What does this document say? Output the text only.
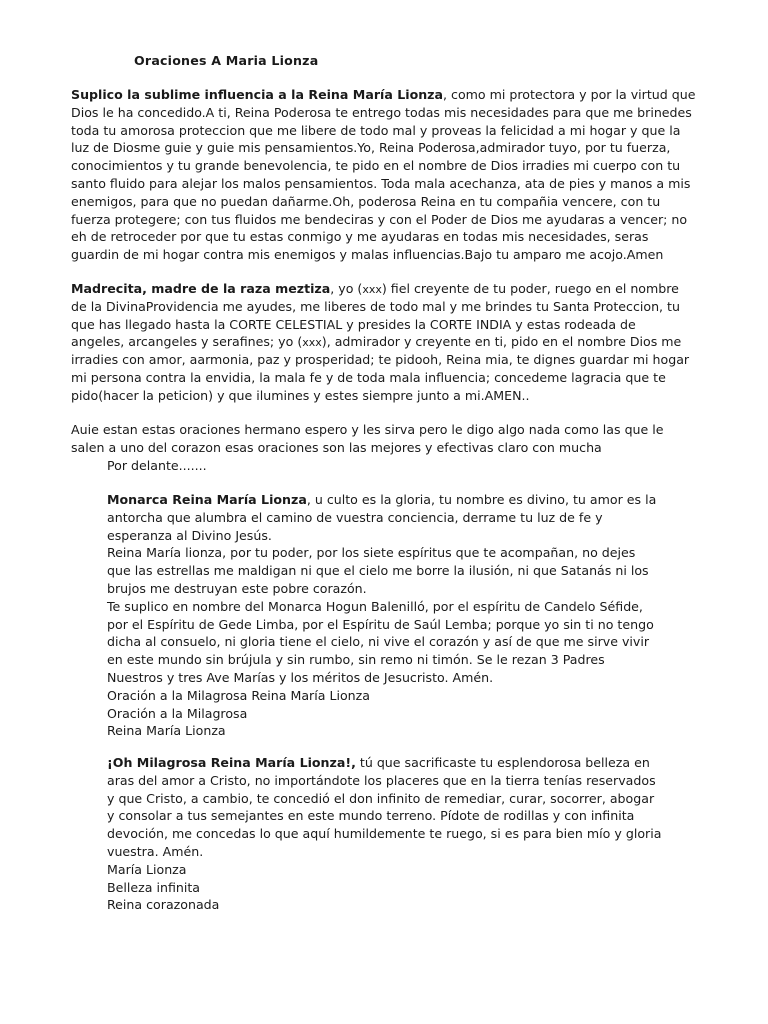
Oraciones A Maria Lionza
Suplico la sublime influencia a la Reina María Lionza, como mi protectora y por la virtud que
Dios le ha concedido.A ti, Reina Poderosa te entrego todas mis necesidades para que me brinedes
toda tu amorosa proteccion que me libere de todo mal y proveas la felicidad a mi hogar y que la
luz de Diosme guie y guie mis pensamientos.Yo, Reina Poderosa,admirador tuyo, por tu fuerza,
conocimientos y tu grande benevolencia, te pido en el nombre de Dios irradies mi cuerpo con tu
santo fluido para alejar los malos pensamientos. Toda mala acechanza, ata de pies y manos a mis
enemigos, para que no puedan dañarme.Oh, poderosa Reina en tu compañia vencere, con tu
fuerza protegere; con tus fluidos me bendeciras y con el Poder de Dios me ayudaras a vencer; no
eh de retroceder por que tu estas conmigo y me ayudaras en todas mis necesidades, seras
guardin de mi hogar contra mis enemigos y malas influencias.Bajo tu amparo me acojo.Amen
Madrecita, madre de la raza meztiza, yo (xxx) fiel creyente de tu poder, ruego en el nombre
de la DivinaProvidencia me ayudes, me liberes de todo mal y me brindes tu Santa Proteccion, tu
que has llegado hasta la CORTE CELESTIAL y presides la CORTE INDIA y estas rodeada de
angeles, arcangeles y serafines; yo (xxx), admirador y creyente en ti, pido en el nombre Dios me
irradies con amor, aarmonia, paz y prosperidad; te pidooh, Reina mia, te dignes guardar mi hogar
mi persona contra la envidia, la mala fe y de toda mala influencia; concedeme lagracia que te
pido(hacer la peticion) y que ilumines y estes siempre junto a mi.AMEN..
Auie estan estas oraciones hermano espero y les sirva pero le digo algo nada como las que le
salen a uno del corazon esas oraciones son las mejores y efectivas claro con mucha
Por delante.......
Monarca Reina María Lionza, u culto es la gloria, tu nombre es divino, tu amor es la
antorcha que alumbra el camino de vuestra conciencia, derrame tu luz de fe y
esperanza al Divino Jesús.
Reina María lionza, por tu poder, por los siete espíritus que te acompañan, no dejes
que las estrellas me maldigan ni que el cielo me borre la ilusión, ni que Satanás ni los
brujos me destruyan este pobre corazón.
Te suplico en nombre del Monarca Hogun Balenilló, por el espíritu de Candelo Séfide,
por el Espíritu de Gede Limba, por el Espíritu de Saúl Lemba; porque yo sin ti no tengo
dicha al consuelo, ni gloria tiene el cielo, ni vive el corazón y así de que me sirve vivir
en este mundo sin brújula y sin rumbo, sin remo ni timón. Se le rezan 3 Padres
Nuestros y tres Ave Marías y los méritos de Jesucristo. Amén.
Oración a la Milagrosa Reina María Lionza
Oración a la Milagrosa
Reina María Lionza
¡Oh Milagrosa Reina María Lionza!, tú que sacrificaste tu esplendorosa belleza en
aras del amor a Cristo, no importándote los placeres que en la tierra tenías reservados
y que Cristo, a cambio, te concedió el don infinito de remediar, curar, socorrer, abogar
y consolar a tus semejantes en este mundo terreno. Pídote de rodillas y con infinita
devoción, me concedas lo que aquí humildemente te ruego, si es para bien mío y gloria
vuestra. Amén.
María Lionza
Belleza infinita
Reina corazonada
